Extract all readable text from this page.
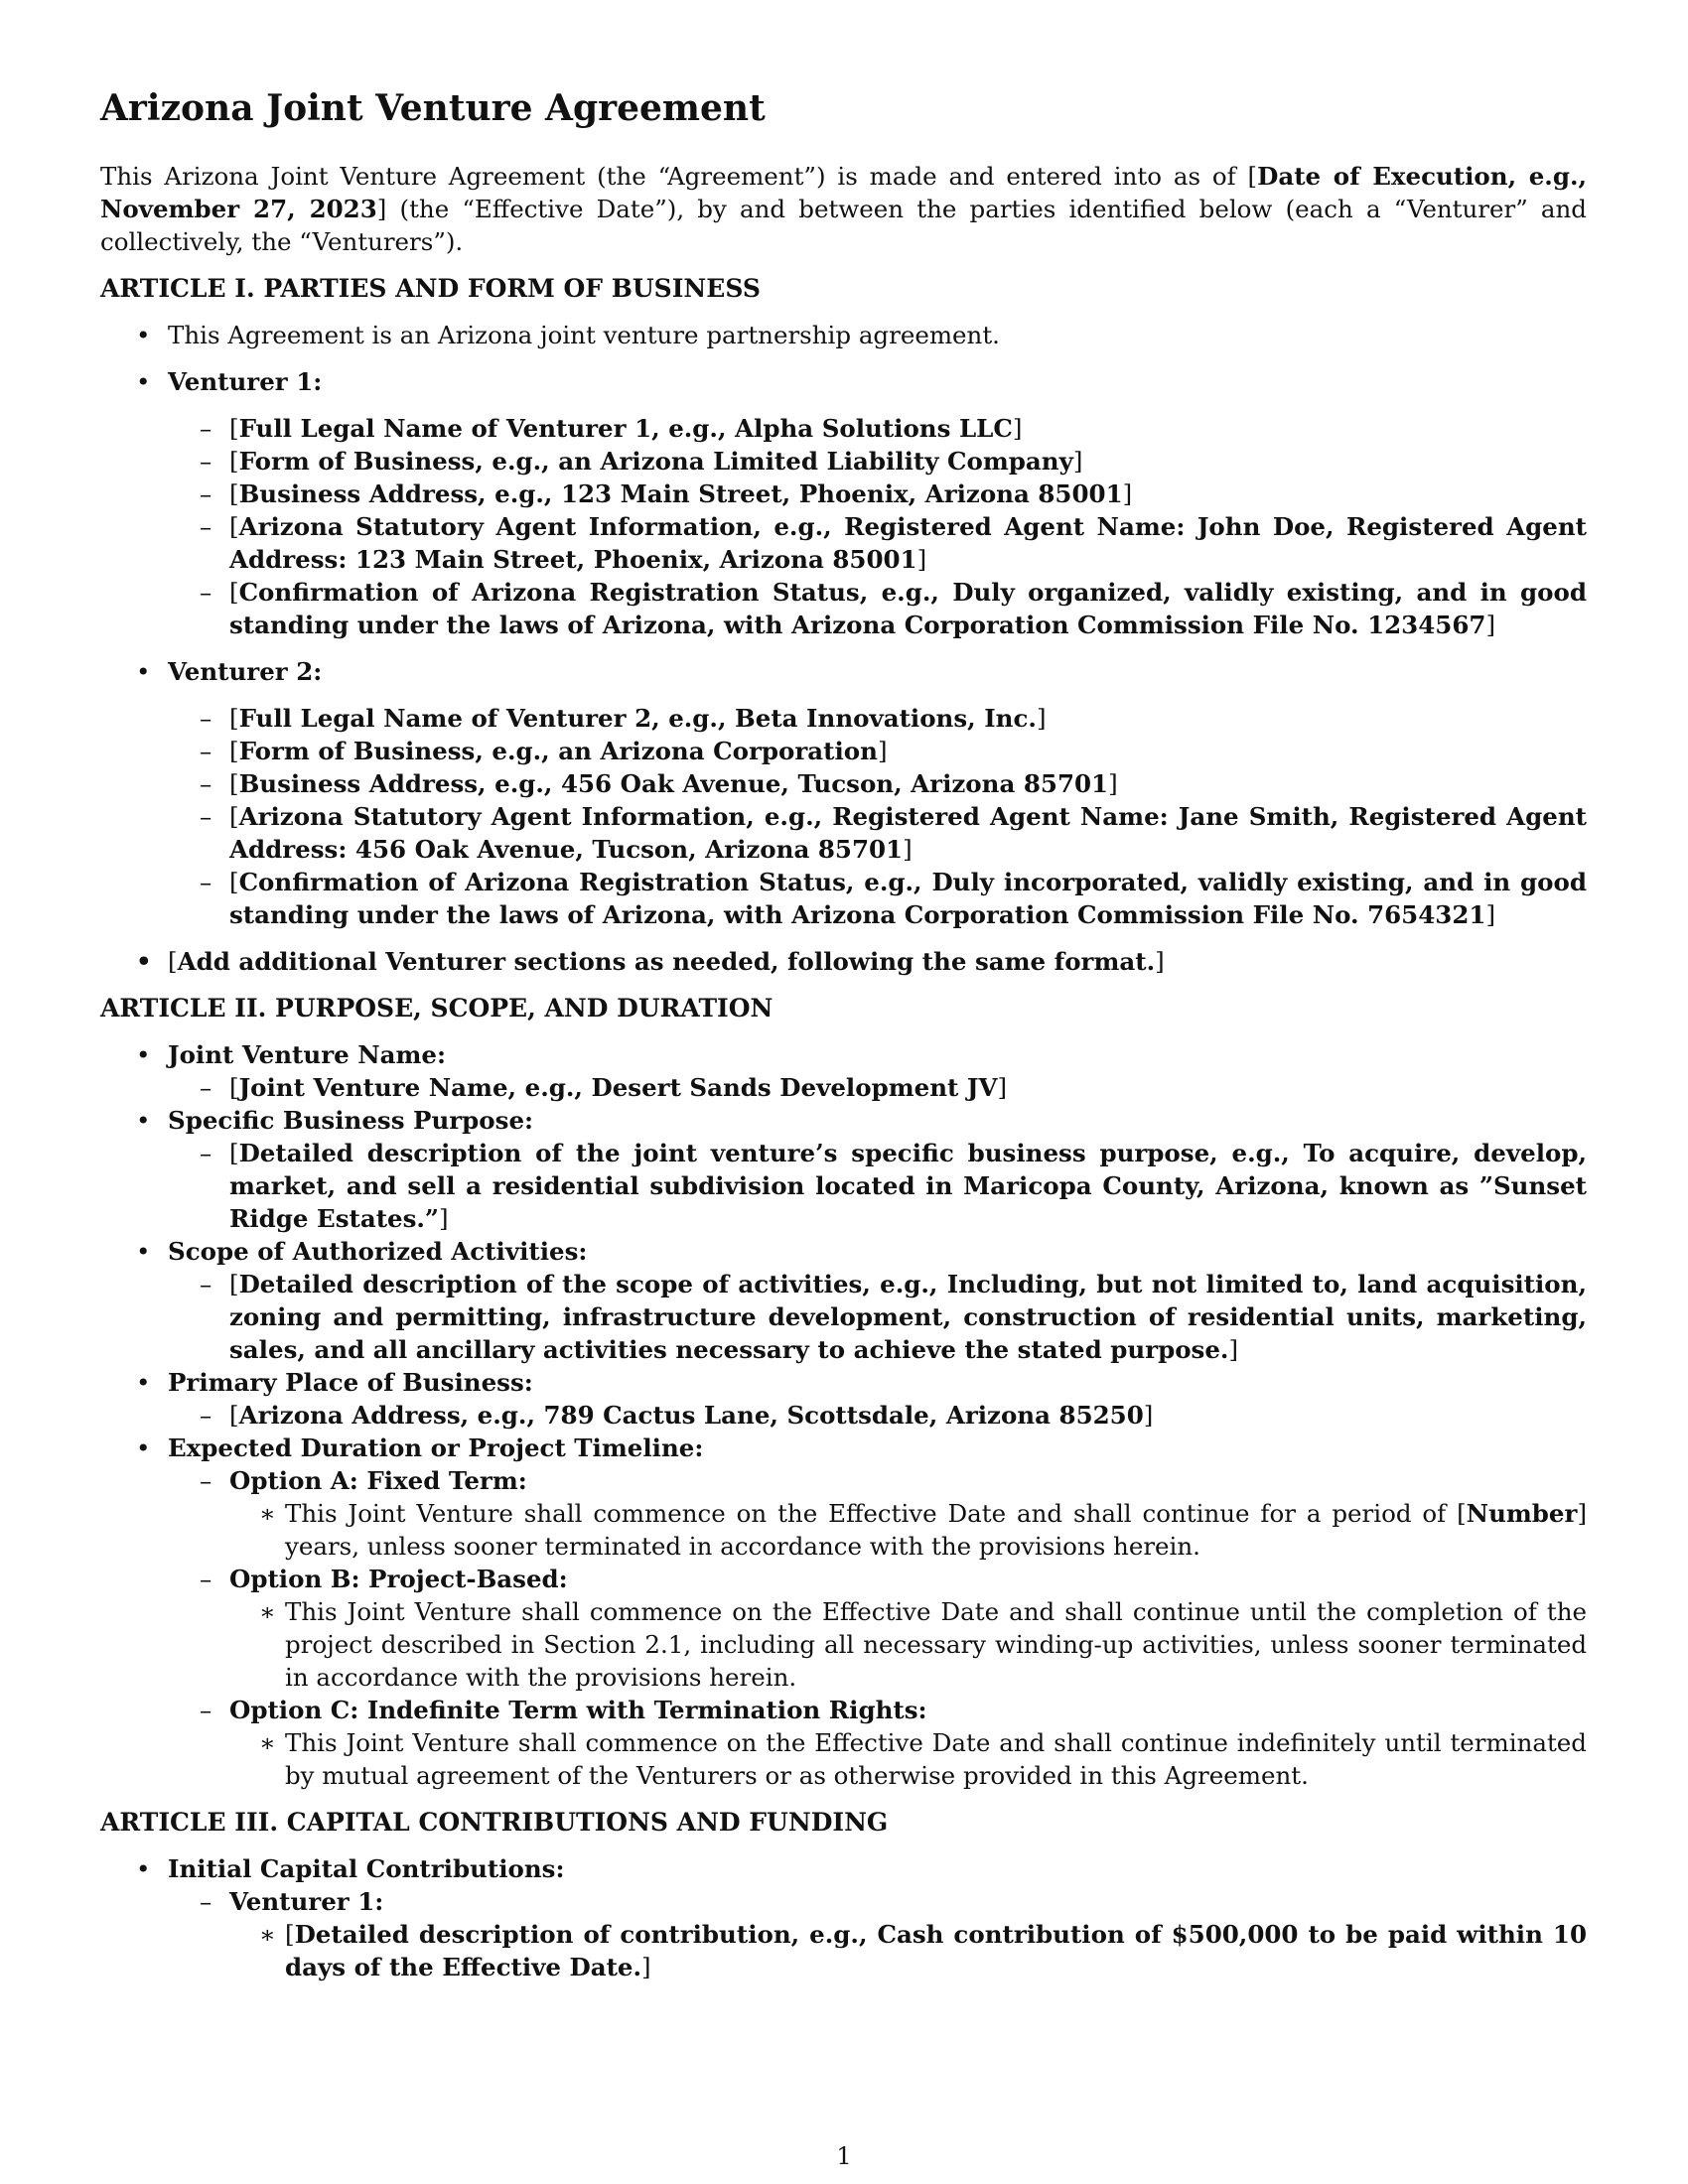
Arizona Joint Venture Agreement

This Arizona Joint Venture Agreement (the “Agreement”) is made and entered into as of [Date of Execution, e.g., November 27, 2023] (the “Effective Date”), by and between the parties identified below (each a “Venturer” and collectively, the “Venturers”).

ARTICLE I. PARTIES AND FORM OF BUSINESS
• This Agreement is an Arizona joint venture partnership agreement.
• Venturer 1:
– [Full Legal Name of Venturer 1, e.g., Alpha Solutions LLC]
– [Form of Business, e.g., an Arizona Limited Liability Company]
– [Business Address, e.g., 123 Main Street, Phoenix, Arizona 85001]
– [Arizona Statutory Agent Information, e.g., Registered Agent Name: John Doe, Registered Agent Address: 123 Main Street, Phoenix, Arizona 85001]
– [Confirmation of Arizona Registration Status, e.g., Duly organized, validly existing, and in good standing under the laws of Arizona, with Arizona Corporation Commission File No. 1234567]
• Venturer 2:
– [Full Legal Name of Venturer 2, e.g., Beta Innovations, Inc.]
– [Form of Business, e.g., an Arizona Corporation]
– [Business Address, e.g., 456 Oak Avenue, Tucson, Arizona 85701]
– [Arizona Statutory Agent Information, e.g., Registered Agent Name: Jane Smith, Registered Agent Address: 456 Oak Avenue, Tucson, Arizona 85701]
– [Confirmation of Arizona Registration Status, e.g., Duly incorporated, validly existing, and in good standing under the laws of Arizona, with Arizona Corporation Commission File No. 7654321]
• [Add additional Venturer sections as needed, following the same format.]
ARTICLE II. PURPOSE, SCOPE, AND DURATION
• Joint Venture Name:
– [Joint Venture Name, e.g., Desert Sands Development JV]
• Specific Business Purpose:
– [Detailed description of the joint venture’s specific business purpose, e.g., To acquire, develop, market, and sell a residential subdivision located in Maricopa County, Arizona, known as ”Sunset Ridge Estates.”]
• Scope of Authorized Activities:
– [Detailed description of the scope of activities, e.g., Including, but not limited to, land acquisition, zoning and permitting, infrastructure development, construction of residential units, marketing, sales, and all ancillary activities necessary to achieve the stated purpose.]
• Primary Place of Business:
– [Arizona Address, e.g., 789 Cactus Lane, Scottsdale, Arizona 85250]
• Expected Duration or Project Timeline:
– Option A: Fixed Term:
∗ This Joint Venture shall commence on the Effective Date and shall continue for a period of [Number] years, unless sooner terminated in accordance with the provisions herein.
– Option B: Project-Based:
∗ This Joint Venture shall commence on the Effective Date and shall continue until the completion of the project described in Section 2.1, including all necessary winding-up activities, unless sooner terminated in accordance with the provisions herein.
– Option C: Indefinite Term with Termination Rights:
∗ This Joint Venture shall commence on the Effective Date and shall continue indefinitely until terminated by mutual agreement of the Venturers or as otherwise provided in this Agreement.
ARTICLE III. CAPITAL CONTRIBUTIONS AND FUNDING
• Initial Capital Contributions:
– Venturer 1:
∗ [Detailed description of contribution, e.g., Cash contribution of $500,000 to be paid within 10 days of the Effective Date.]
1
